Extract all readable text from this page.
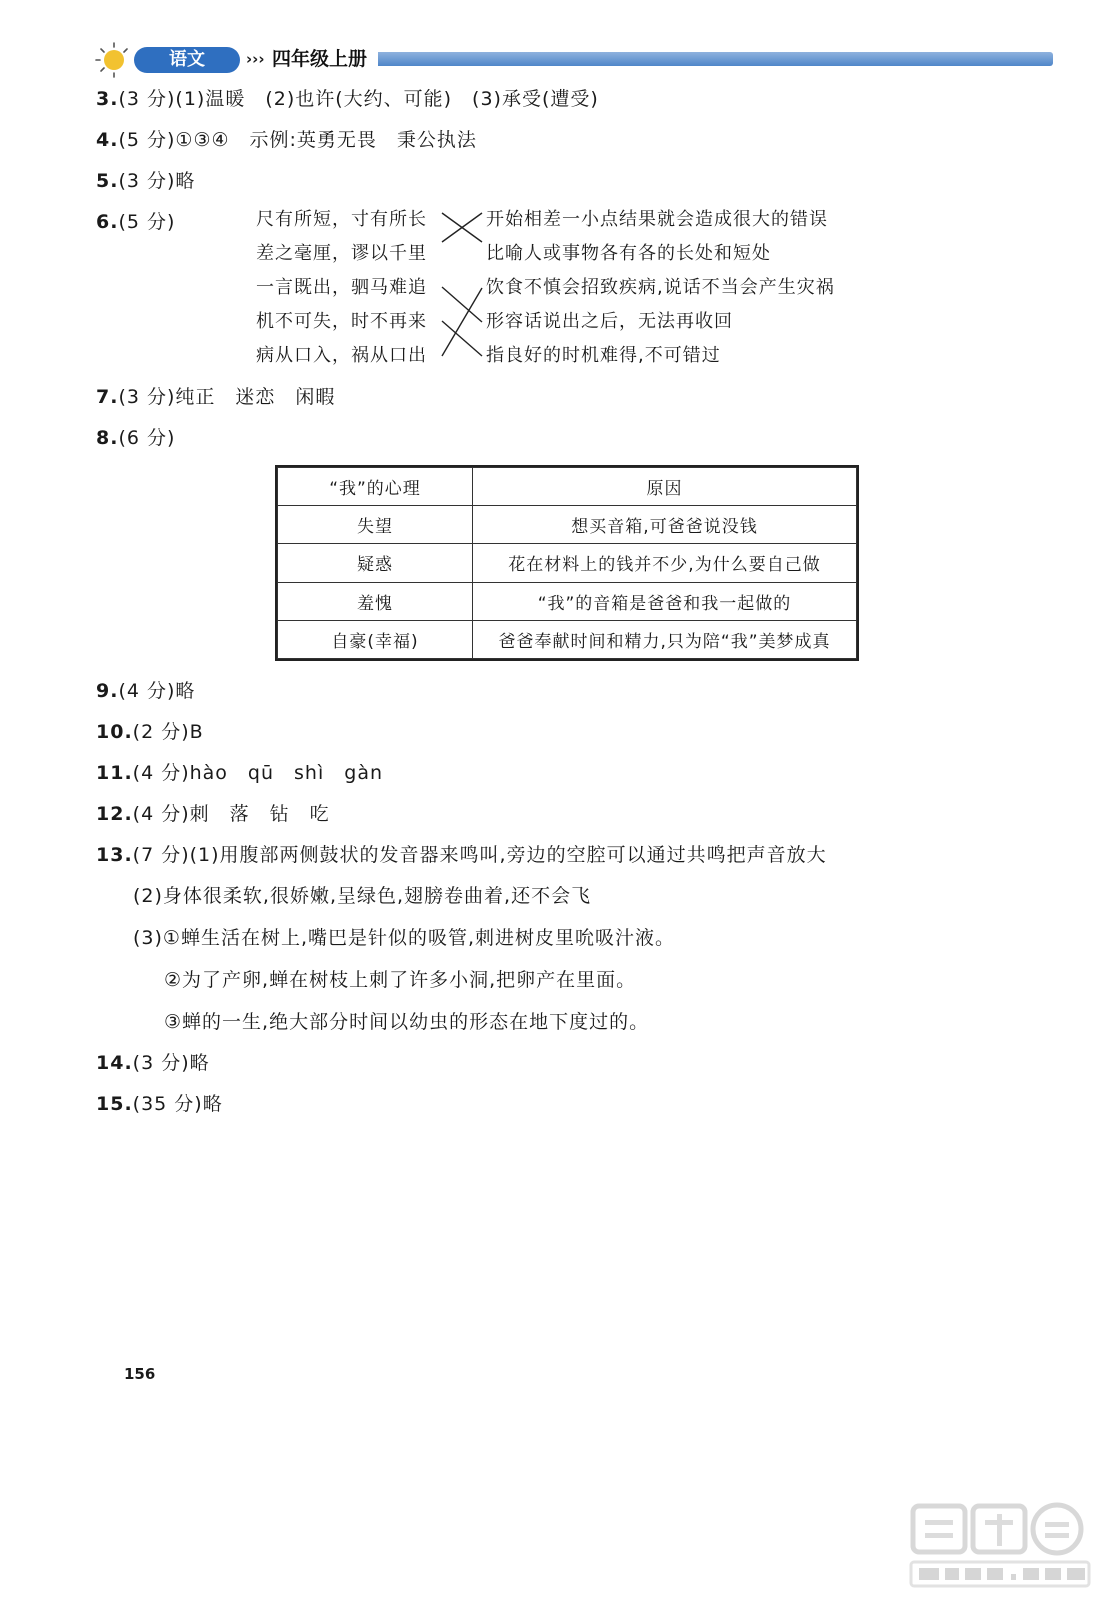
语文	››› 四年级上册
3.(3 分)(1)温暖　(2)也许(大约、可能)　(3)承受(遭受)
4.(5 分)①③④　示例:英勇无畏　秉公执法
5.(3 分)略
6.(5 分)	尺有所短，寸有所长
差之毫厘，谬以千里
一言既出，驷马难追
机不可失，时不再来
病从口入，祸从口出
开始相差一小点结果就会造成很大的错误
比喻人或事物各有各的长处和短处
饮食不慎会招致疾病,说话不当会产生灾祸
形容话说出之后，无法再收回
指良好的时机难得,不可错过
7.(3 分)纯正　迷恋　闲暇
8.(6 分)
“我”的心理	原因
失望	想买音箱,可爸爸说没钱
疑惑	花在材料上的钱并不少,为什么要自己做
羞愧	“我”的音箱是爸爸和我一起做的
自豪(幸福)	爸爸奉献时间和精力,只为陪“我”美梦成真
9.(4 分)略
10.(2 分)B
11.(4 分)hào　qū　shì　gàn
12.(4 分)刺　落　钻　吃
13.(7 分)(1)用腹部两侧鼓状的发音器来鸣叫,旁边的空腔可以通过共鸣把声音放大
(2)身体很柔软,很娇嫩,呈绿色,翅膀卷曲着,还不会飞
(3)①蝉生活在树上,嘴巴是针似的吸管,刺进树皮里吮吸汁液。
②为了产卵,蝉在树枝上刺了许多小洞,把卵产在里面。
③蝉的一生,绝大部分时间以幼虫的形态在地下度过的。
14.(3 分)略
15.(35 分)略
156
